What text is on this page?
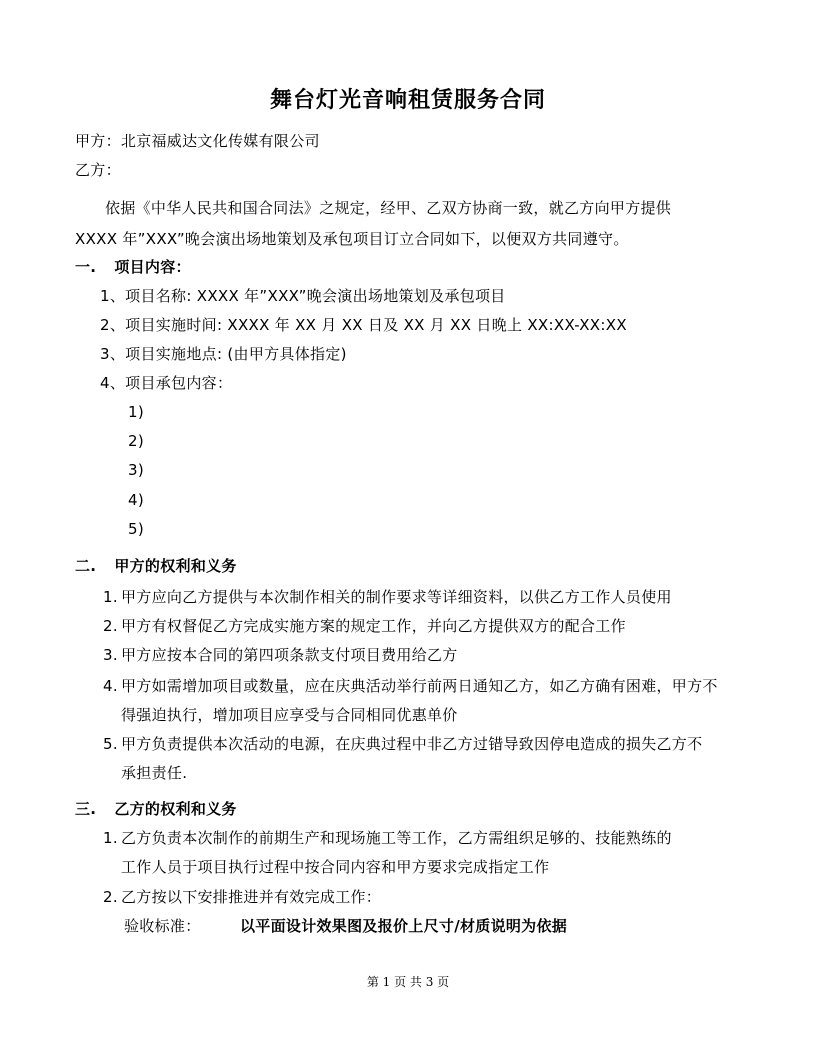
舞台灯光音响租赁服务合同
甲方：北京福威达文化传媒有限公司
乙方：
依据《中华人民共和国合同法》之规定，经甲、乙双方协商一致，就乙方向甲方提供
XXXX 年”XXX”晚会演出场地策划及承包项目订立合同如下，以便双方共同遵守。
一. 项目内容：
1、项目名称: XXXX 年”XXX”晚会演出场地策划及承包项目
2、项目实施时间: XXXX 年 XX 月 XX 日及 XX 月 XX 日晚上 XX:XX-XX:XX
3、项目实施地点: (由甲方具体指定)
4、项目承包内容：
1)
2)
3)
4)
5)
二. 甲方的权利和义务
1. 甲方应向乙方提供与本次制作相关的制作要求等详细资料，以供乙方工作人员使用
2. 甲方有权督促乙方完成实施方案的规定工作，并向乙方提供双方的配合工作
3. 甲方应按本合同的第四项条款支付项目费用给乙方
4. 甲方如需增加项目或数量，应在庆典活动举行前两日通知乙方，如乙方确有困难，甲方不
得强迫执行，增加项目应享受与合同相同优惠单价
5. 甲方负责提供本次活动的电源，在庆典过程中非乙方过错导致因停电造成的损失乙方不
承担责任.
三. 乙方的权利和义务
1. 乙方负责本次制作的前期生产和现场施工等工作，乙方需组织足够的、技能熟练的
工作人员于项目执行过程中按合同内容和甲方要求完成指定工作
2. 乙方按以下安排推进并有效完成工作：
验收标准：	以平面设计效果图及报价上尺寸/材质说明为依据
第 1 页 共 3 页
